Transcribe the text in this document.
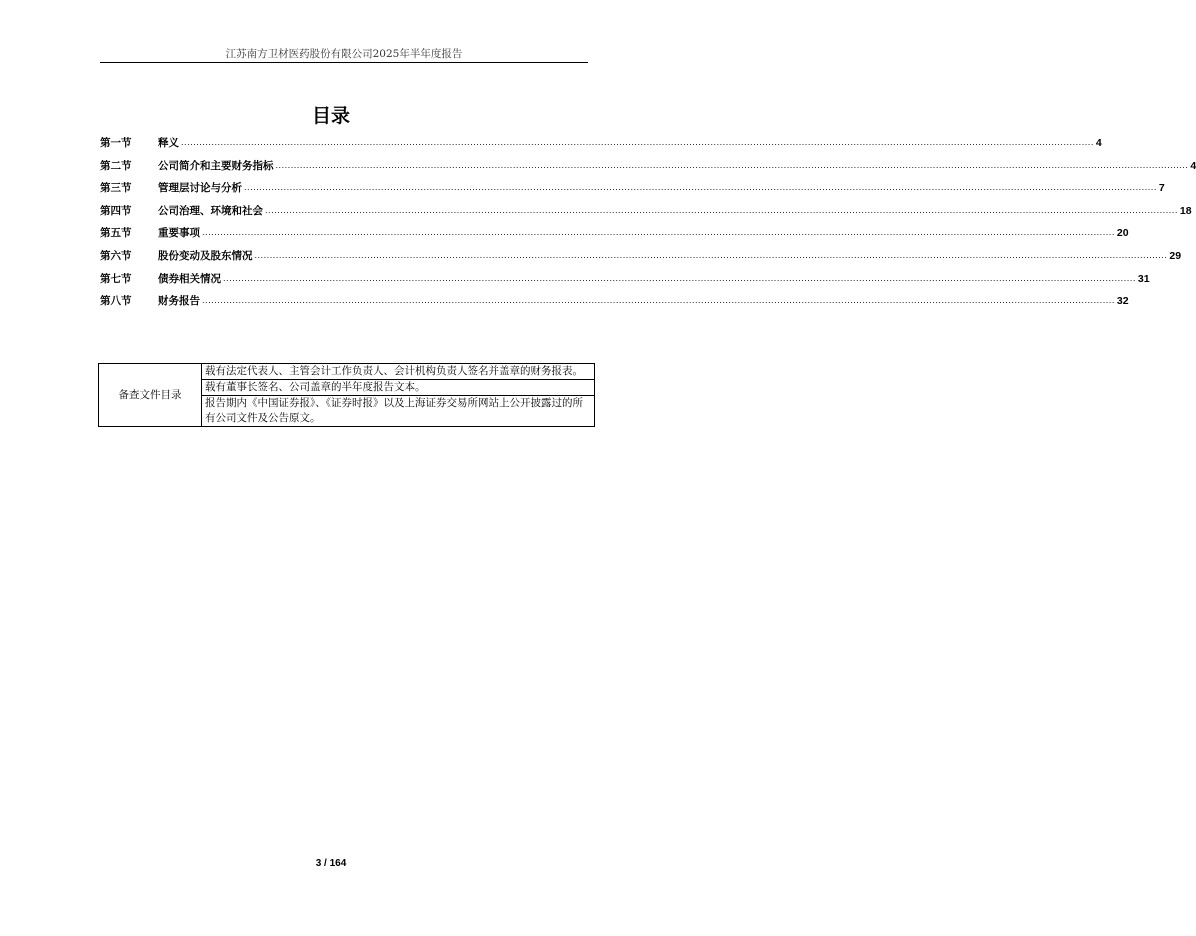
江苏南方卫材医药股份有限公司2025年半年度报告
目录
第一节	释义 ............................................................................................................................................................................................................................................................................................................ 4
第二节	公司简介和主要财务指标 ............................................................................................................................................................................................................................................................................................................ 4
第三节	管理层讨论与分析 ............................................................................................................................................................................................................................................................................................................ 7
第四节	公司治理、环境和社会 ............................................................................................................................................................................................................................................................................................................ 18
第五节	重要事项 ............................................................................................................................................................................................................................................................................................................ 20
第六节	股份变动及股东情况 ............................................................................................................................................................................................................................................................................................................ 29
第七节	债券相关情况 ............................................................................................................................................................................................................................................................................................................ 31
第八节	财务报告 ............................................................................................................................................................................................................................................................................................................ 32
备查文件目录	载有法定代表人、主管会计工作负责人、会计机构负责人签名并盖章的财务报表。
载有董事长签名、公司盖章的半年度报告文本。
报告期内《中国证券报》、《证券时报》以及上海证券交易所网站上公开披露过的所有公司文件及公告原文。
3 / 164
